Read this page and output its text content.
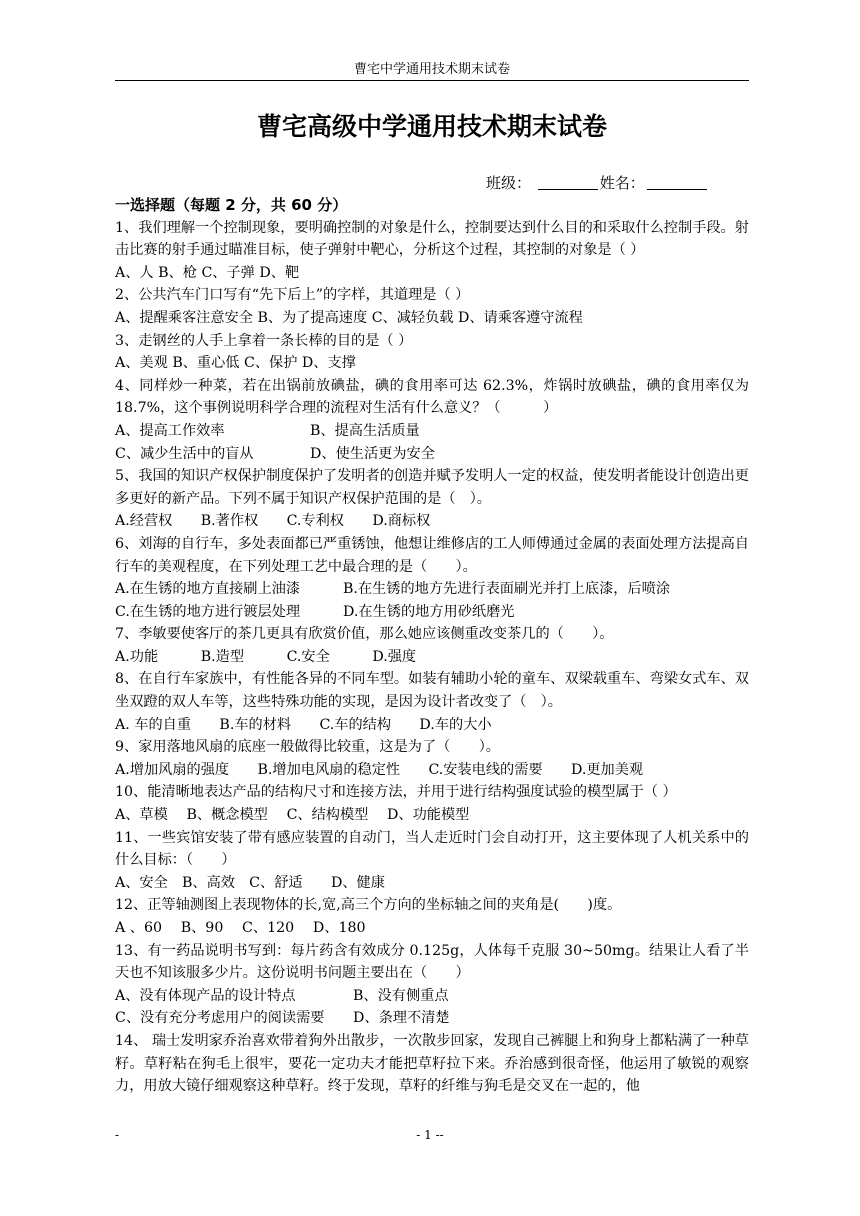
曹宅中学通用技术期末试卷
曹宅高级中学通用技术期末试卷
班级：	姓名：

一选择题（每题 2 分，共 60 分）

1、我们理解一个控制现象，要明确控制的对象是什么，控制要达到什么目的和采取什么控制手段。射击比赛的射手通过瞄准目标，使子弹射中靶心，分析这个过程，其控制的对象是（ ）

A、人 B、枪 C、子弹 D、靶

2、公共汽车门口写有“先下后上”的字样，其道理是（ ）

A、提醒乘客注意安全 B、为了提高速度 C、减轻负载 D、请乘客遵守流程

3、走钢丝的人手上拿着一条长棒的目的是（ ）

A、美观 B、重心低 C、保护 D、支撑

4、同样炒一种菜，若在出锅前放碘盐，碘的食用率可达 62.3%，炸锅时放碘盐，碘的食用率仅为 18.7%，这个事例说明科学合理的流程对生活有什么意义？（　　　）

A、提高工作效率	B、提高生活质量

C、减少生活中的盲从	D、使生活更为安全

5、我国的知识产权保护制度保护了发明者的创造并赋予发明人一定的权益，使发明者能设计创造出更多更好的新产品。下列不属于知识产权保护范围的是（　）。

A.经营权　　B.著作权　　C.专利权　　D.商标权

6、刘海的自行车，多处表面都已严重锈蚀，他想让维修店的工人师傅通过金属的表面处理方法提高自行车的美观程度，在下列处理工艺中最合理的是（　　）。

A.在生锈的地方直接刷上油漆	B.在生锈的地方先进行表面刷光并打上底漆，后喷涂

C.在生锈的地方进行镀层处理	D.在生锈的地方用砂纸磨光

7、李敏要使客厅的茶几更具有欣赏价值，那么她应该侧重改变茶几的（　　）。

A.功能　　　B.造型　　　C.安全　　　D.强度

8、在自行车家族中，有性能各异的不同车型。如装有辅助小轮的童车、双梁载重车、弯梁女式车、双坐双蹬的双人车等，这些特殊功能的实现，是因为设计者改变了（　）。

A. 车的自重　　B.车的材料　　C.车的结构　　D.车的大小

9、家用落地风扇的底座一般做得比较重，这是为了（　　）。

A.增加风扇的强度　　B.增加电风扇的稳定性　　C.安装电线的需要　　D.更加美观

10、能清晰地表达产品的结构尺寸和连接方法，并用于进行结构强度试验的模型属于（ ）

A、草模　 B、概念模型　 C、结构模型　 D、功能模型

11、一些宾馆安装了带有感应装置的自动门，当人走近时门会自动打开，这主要体现了人机关系中的什么目标：（　　）

A、安全　B、高效　C、舒适　　D、健康

12、正等轴测图上表现物体的长,宽,高三个方向的坐标轴之间的夹角是(　　)度。

A 、60　 B、90　 C、120　 D、180

13、有一药品说明书写到：每片药含有效成分 0.125g，人体每千克服 30~50mg。结果让人看了半天也不知该服多少片。这份说明书问题主要出在（　　）

A、没有体现产品的设计特点	B、没有侧重点

C、没有充分考虑用户的阅读需要	D、条理不清楚

14、 瑞士发明家乔治喜欢带着狗外出散步，一次散步回家，发现自己裤腿上和狗身上都粘满了一种草籽。草籽粘在狗毛上很牢，要花一定功夫才能把草籽拉下来。乔治感到很奇怪，他运用了敏锐的观察力，用放大镜仔细观察这种草籽。终于发现，草籽的纤维与狗毛是交叉在一起的，他

-	- 1 --
